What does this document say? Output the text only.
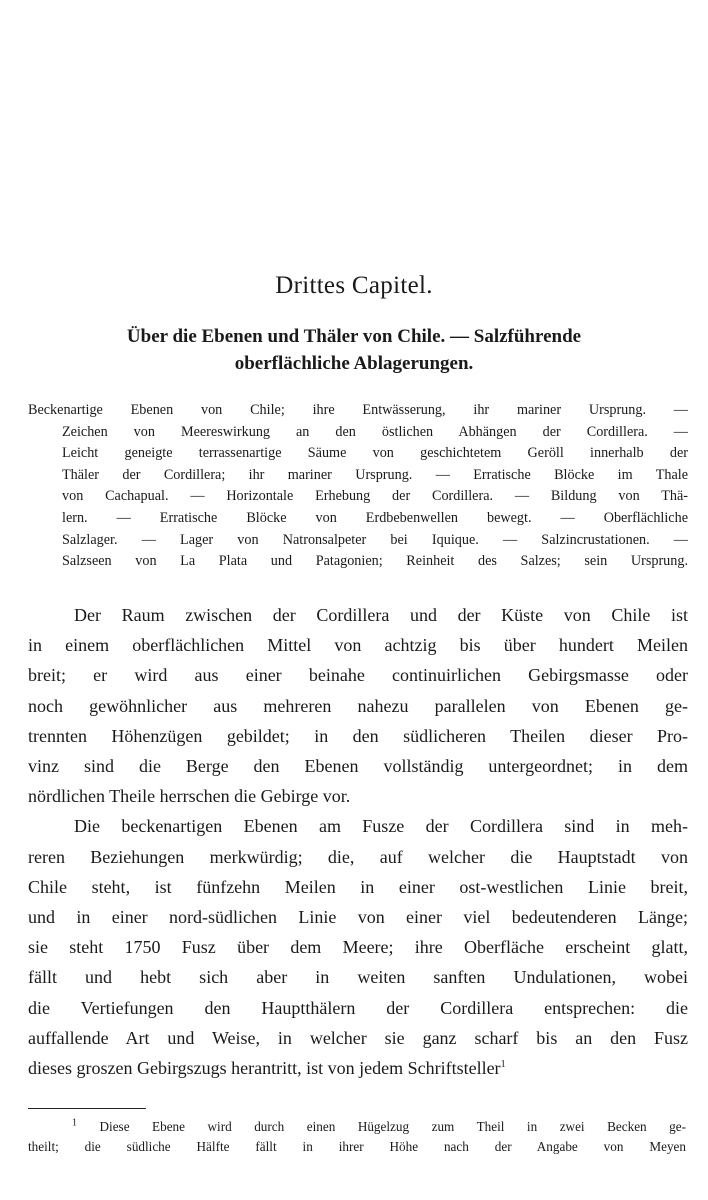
Drittes Capitel.
Über die Ebenen und Thäler von Chile. — Salzführende
oberflächliche Ablagerungen.
Beckenartige Ebenen von Chile; ihre Entwässerung, ihr mariner Ursprung. —
Zeichen von Meereswirkung an den östlichen Abhängen der Cordillera. —
Leicht geneigte terrassenartige Säume von geschichtetem Geröll innerhalb der
Thäler der Cordillera; ihr mariner Ursprung. — Erratische Blöcke im Thale
von Cachapual. — Horizontale Erhebung der Cordillera. — Bildung von Thä-
lern. — Erratische Blöcke von Erdbebenwellen bewegt. — Oberflächliche
Salzlager. — Lager von Natronsalpeter bei Iquique. — Salzincrustationen. —
Salzseen von La Plata und Patagonien; Reinheit des Salzes; sein Ursprung.
Der Raum zwischen der Cordillera und der Küste von Chile ist
in einem oberflächlichen Mittel von achtzig bis über hundert Meilen
breit; er wird aus einer beinahe continuirlichen Gebirgsmasse oder
noch gewöhnlicher aus mehreren nahezu parallelen von Ebenen ge-
trennten Höhenzügen gebildet; in den südlicheren Theilen dieser Pro-
vinz sind die Berge den Ebenen vollständig untergeordnet; in dem
nördlichen Theile herrschen die Gebirge vor.
Die beckenartigen Ebenen am Fusze der Cordillera sind in meh-
reren Beziehungen merkwürdig; die, auf welcher die Hauptstadt von
Chile steht, ist fünfzehn Meilen in einer ost-westlichen Linie breit,
und in einer nord-südlichen Linie von einer viel bedeutenderen Länge;
sie steht 1750 Fusz über dem Meere; ihre Oberfläche erscheint glatt,
fällt und hebt sich aber in weiten sanften Undulationen, wobei
die Vertiefungen den Hauptthälern der Cordillera entsprechen: die
auffallende Art und Weise, in welcher sie ganz scharf bis an den Fusz
dieses groszen Gebirgszugs herantritt, ist von jedem Schriftsteller$^1$
$^1$ Diese Ebene wird durch einen Hügelzug zum Theil in zwei Becken ge-
theilt; die südliche Hälfte fällt in ihrer Höhe nach der Angabe von Meyen
